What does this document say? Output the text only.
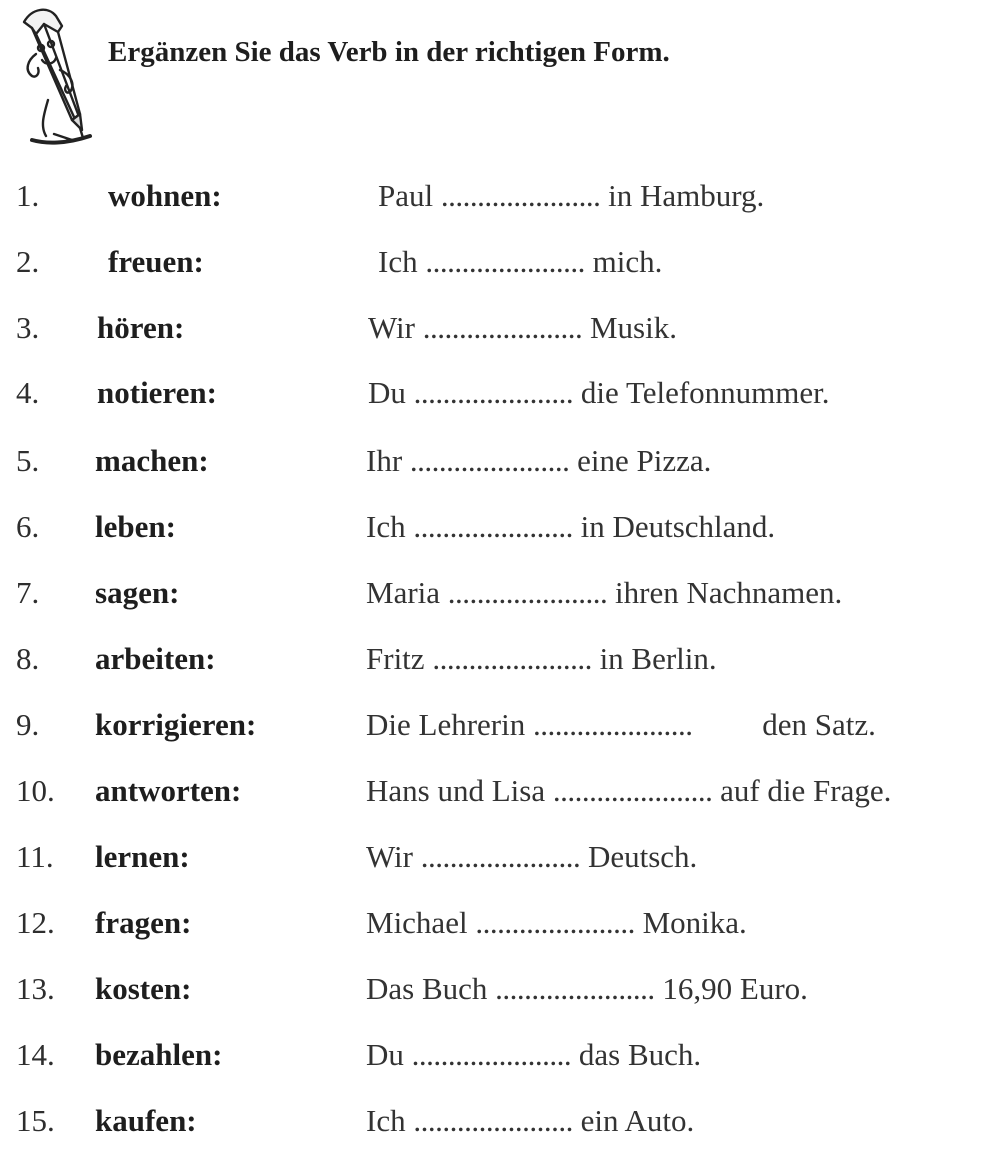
Ergänzen Sie das Verb in der richtigen Form.
1. wohnen:	Paul ...................... in Hamburg.
2. freuen:	Ich ...................... mich.
3. hören:	Wir ...................... Musik.
4. notieren:	Du ...................... die Telefonnummer.
5. machen:	Ihr ...................... eine Pizza.
6. leben:	Ich ...................... in Deutschland.
7. sagen:	Maria ...................... ihren Nachnamen.
8. arbeiten:	Fritz ...................... in Berlin.
9. korrigieren:	Die Lehrerin ......................   den Satz.
10. antworten:	Hans und Lisa ...................... auf die Frage.
11. lernen:	Wir ...................... Deutsch.
12. fragen:	Michael ...................... Monika.
13. kosten:	Das Buch ...................... 16,90 Euro.
14. bezahlen:	Du ...................... das Buch.
15. kaufen:	Ich ...................... ein Auto.
